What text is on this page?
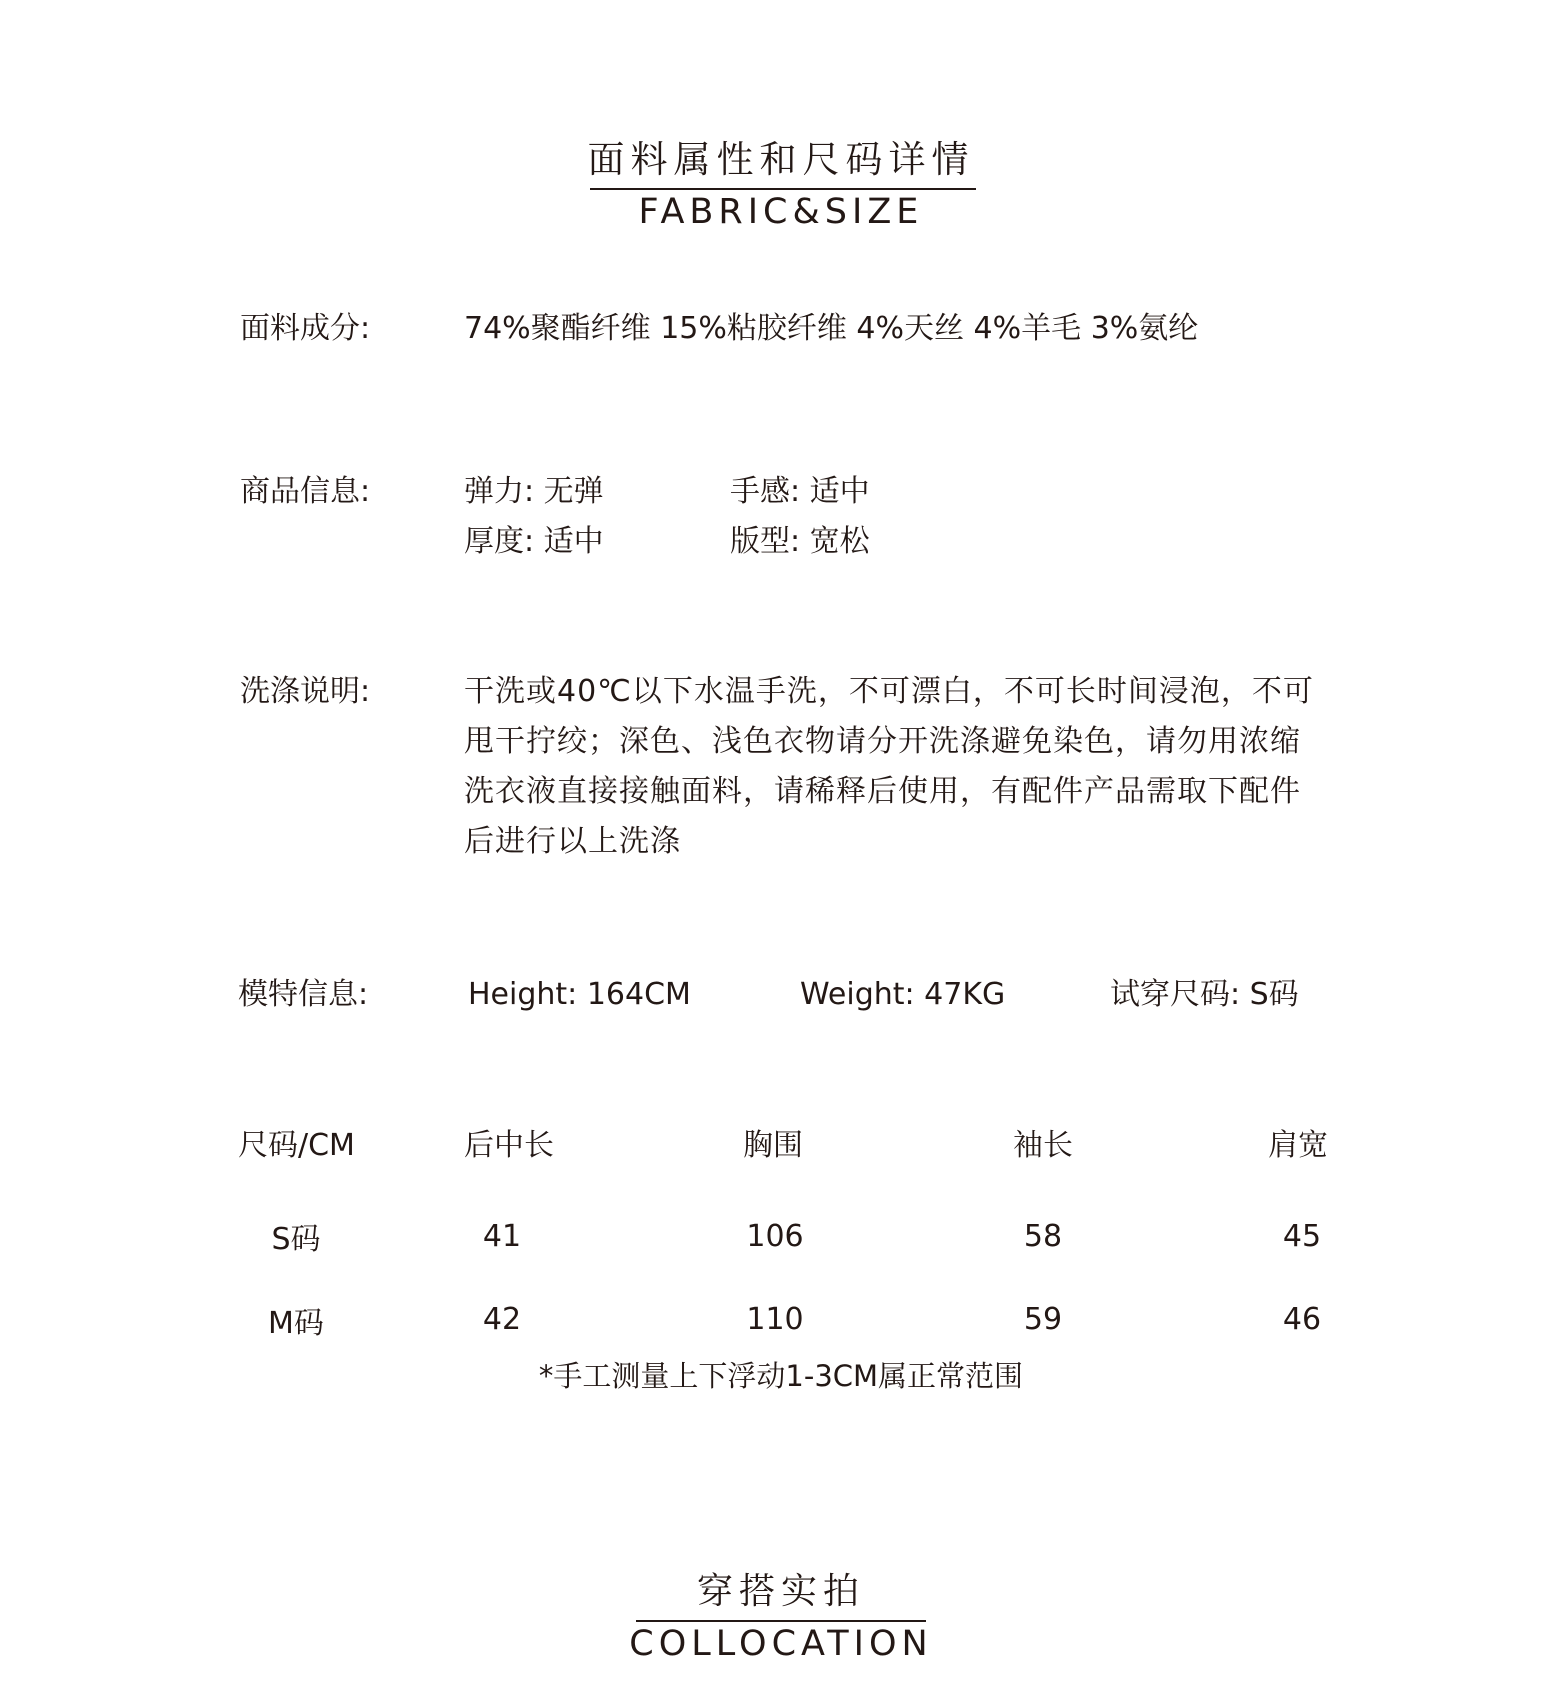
面料属性和尺码详情
FABRIC&SIZE
面料成分:	74%聚酯纤维 15%粘胶纤维 4%天丝 4%羊毛 3%氨纶
商品信息:	弹力: 无弹	手感: 适中
厚度: 适中	版型: 宽松
洗涤说明:	干洗或40℃以下水温手洗，不可漂白，不可长时间浸泡，不可
甩干拧绞；深色、浅色衣物请分开洗涤避免染色，请勿用浓缩
洗衣液直接接触面料，请稀释后使用，有配件产品需取下配件
后进行以上洗涤
模特信息:	Height: 164CM	Weight: 47KG	试穿尺码: S码
尺码/CM	后中长	胸围	袖长	肩宽
S码	41	106	58	45
M码	42	110	59	46
*手工测量上下浮动1-3CM属正常范围
穿搭实拍
COLLOCATION
